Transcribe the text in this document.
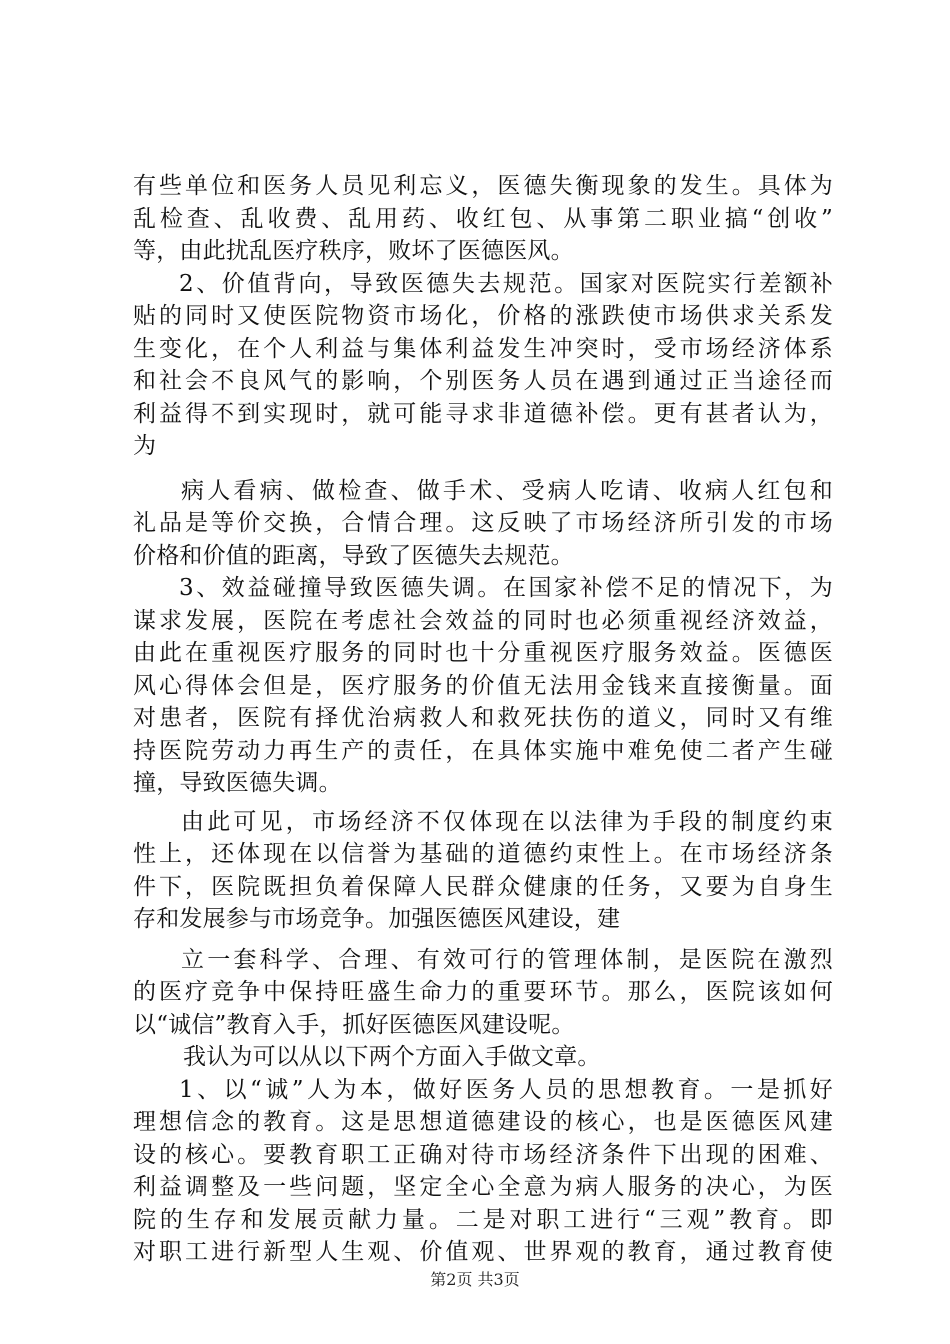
有些单位和医务人员见利忘义，医德失衡现象的发生。具体为
乱检查、乱收费、乱用药、收红包、从事第二职业搞“创收”
等，由此扰乱医疗秩序，败坏了医德医风。
2、价值背向，导致医德失去规范。国家对医院实行差额补
贴的同时又使医院物资市场化，价格的涨跌使市场供求关系发
生变化，在个人利益与集体利益发生冲突时，受市场经济体系
和社会不良风气的影响，个别医务人员在遇到通过正当途径而
利益得不到实现时，就可能寻求非道德补偿。更有甚者认为，
为
病人看病、做检查、做手术、受病人吃请、收病人红包和
礼品是等价交换，合情合理。这反映了市场经济所引发的市场
价格和价值的距离，导致了医德失去规范。
3、效益碰撞导致医德失调。在国家补偿不足的情况下，为
谋求发展，医院在考虑社会效益的同时也必须重视经济效益，
由此在重视医疗服务的同时也十分重视医疗服务效益。医德医
风心得体会但是，医疗服务的价值无法用金钱来直接衡量。面
对患者，医院有择优治病救人和救死扶伤的道义，同时又有维
持医院劳动力再生产的责任，在具体实施中难免使二者产生碰
撞，导致医德失调。
由此可见，市场经济不仅体现在以法律为手段的制度约束
性上，还体现在以信誉为基础的道德约束性上。在市场经济条
件下，医院既担负着保障人民群众健康的任务，又要为自身生
存和发展参与市场竞争。加强医德医风建设，建
立一套科学、合理、有效可行的管理体制，是医院在激烈
的医疗竞争中保持旺盛生命力的重要环节。那么，医院该如何
以“诚信”教育入手，抓好医德医风建设呢。
我认为可以从以下两个方面入手做文章。
1、以“诚”人为本，做好医务人员的思想教育。一是抓好
理想信念的教育。这是思想道德建设的核心，也是医德医风建
设的核心。要教育职工正确对待市场经济条件下出现的困难、
利益调整及一些问题，坚定全心全意为病人服务的决心，为医
院的生存和发展贡献力量。二是对职工进行“三观”教育。即
对职工进行新型人生观、价值观、世界观的教育，通过教育使
第2页 共3页
